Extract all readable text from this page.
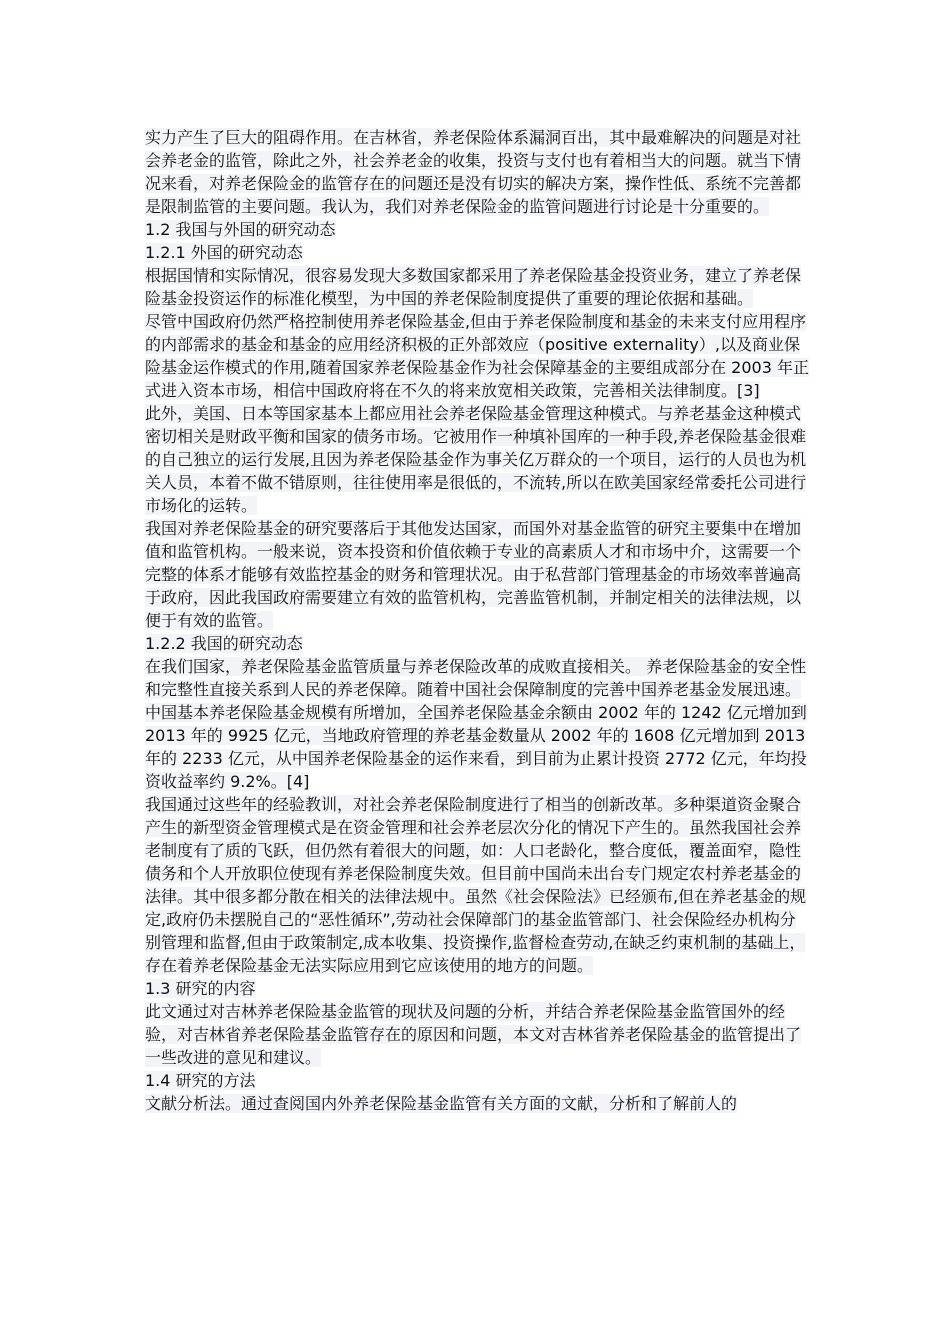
实力产生了巨大的阻碍作用。在吉林省，养老保险体系漏洞百出，其中最难解决的问题是对社会养老金的监管，除此之外，社会养老金的收集，投资与支付也有着相当大的问题。就当下情况来看，对养老保险金的监管存在的问题还是没有切实的解决方案，操作性低、系统不完善都是限制监管的主要问题。我认为，我们对养老保险金的监管问题进行讨论是十分重要的。

1.2 我国与外国的研究动态

1.2.1 外国的研究动态

根据国情和实际情况，很容易发现大多数国家都采用了养老保险基金投资业务，建立了养老保险基金投资运作的标准化模型，为中国的养老保险制度提供了重要的理论依据和基础。

尽管中国政府仍然严格控制使用养老保险基金,但由于养老保险制度和基金的未来支付应用程序的内部需求的基金和基金的应用经济积极的正外部效应（positive externality）,以及商业保险基金运作模式的作用,随着国家养老保险基金作为社会保障基金的主要组成部分在 2003 年正式进入资本市场，相信中国政府将在不久的将来放宽相关政策，完善相关法律制度。[3]

此外，美国、日本等国家基本上都应用社会养老保险基金管理这种模式。与养老基金这种模式密切相关是财政平衡和国家的债务市场。它被用作一种填补国库的一种手段,养老保险基金很难的自己独立的运行发展,且因为养老保险基金作为事关亿万群众的一个项目，运行的人员也为机关人员，本着不做不错原则，往往使用率是很低的，不流转,所以在欧美国家经常委托公司进行市场化的运转。

我国对养老保险基金的研究要落后于其他发达国家，而国外对基金监管的研究主要集中在增加值和监管机构。一般来说，资本投资和价值依赖于专业的高素质人才和市场中介，这需要一个完整的体系才能够有效监控基金的财务和管理状况。由于私营部门管理基金的市场效率普遍高于政府，因此我国政府需要建立有效的监管机构，完善监管机制，并制定相关的法律法规，以便于有效的监管。

1.2.2 我国的研究动态

在我们国家，养老保险基金监管质量与养老保险改革的成败直接相关。 养老保险基金的安全性和完整性直接关系到人民的养老保障。随着中国社会保障制度的完善中国养老基金发展迅速。中国基本养老保险基金规模有所增加，全国养老保险基金余额由 2002 年的 1242 亿元增加到 2013 年的 9925 亿元，当地政府管理的养老基金数量从 2002 年的 1608 亿元增加到 2013 年的 2233 亿元，从中国养老保险基金的运作来看，到目前为止累计投资 2772 亿元，年均投资收益率约 9.2%。[4]

我国通过这些年的经验教训，对社会养老保险制度进行了相当的创新改革。多种渠道资金聚合产生的新型资金管理模式是在资金管理和社会养老层次分化的情况下产生的。虽然我国社会养老制度有了质的飞跃，但仍然有着很大的问题，如：人口老龄化，整合度低，覆盖面窄，隐性债务和个人开放职位使现有养老保险制度失效。但目前中国尚未出台专门规定农村养老基金的法律。其中很多都分散在相关的法律法规中。虽然《社会保险法》已经颁布,但在养老基金的规定,政府仍未摆脱自己的“恶性循环”,劳动社会保障部门的基金监管部门、社会保险经办机构分别管理和监督,但由于政策制定,成本收集、投资操作,监督检查劳动,在缺乏约束机制的基础上，存在着养老保险基金无法实际应用到它应该使用的地方的问题。

1.3 研究的内容

此文通过对吉林养老保险基金监管的现状及问题的分析，并结合养老保险基金监管国外的经验，对吉林省养老保险基金监管存在的原因和问题，本文对吉林省养老保险基金的监管提出了一些改进的意见和建议。

1.4 研究的方法

文献分析法。通过查阅国内外养老保险基金监管有关方面的文献，分析和了解前人的
